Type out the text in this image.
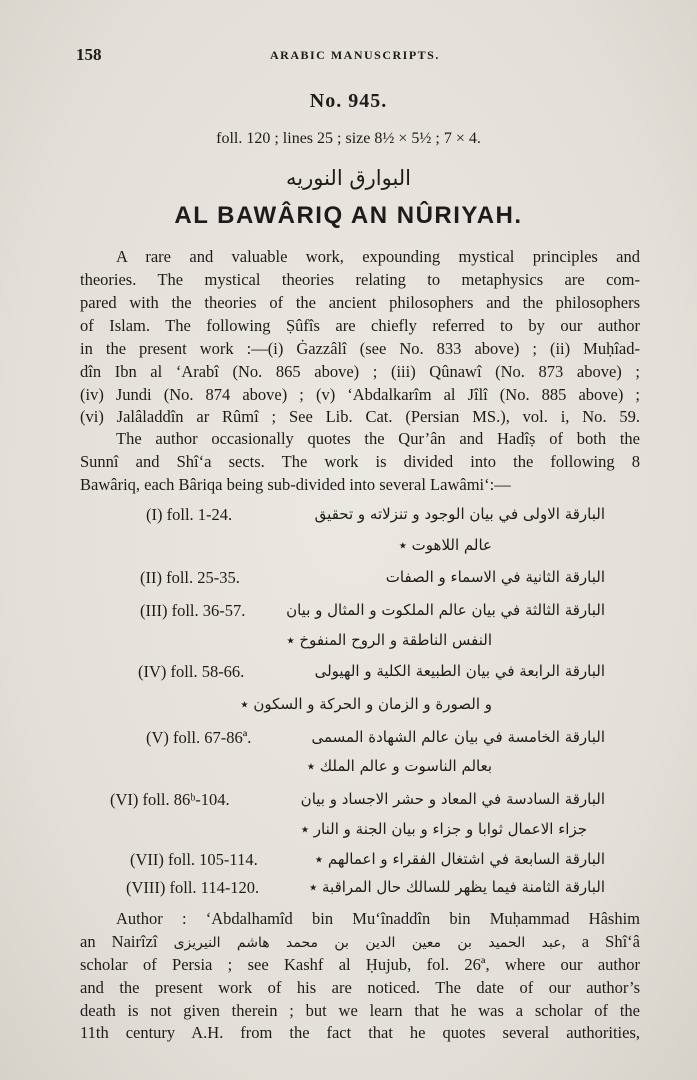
158	ARABIC MANUSCRIPTS.
No. 945.
foll. 120 ; lines 25 ; size 8½ × 5½ ; 7 × 4.
البوارق النوريه
AL BAWÂRIQ AN NÛRIYAH.
A rare and valuable work, expounding mystical principles and
theories. The mystical theories relating to metaphysics are com-
pared with the theories of the ancient philosophers and the philosophers
of Islam. The following Ṣûfîs are chiefly referred to by our author
in the present work :—(i) Ġazzâlî (see No. 833 above) ; (ii) Muḥîad-
dîn Ibn al ‘Arabî (No. 865 above) ; (iii) Qûnawî (No. 873 above) ;
(iv) Jundi (No. 874 above) ; (v) ‘Abdalkarîm al Jîlî (No. 885 above) ;
(vi) Jalâladdîn ar Rûmî ; See Lib. Cat. (Persian MS.), vol. i, No. 59.
The author occasionally quotes the Qur’ân and Hadîṣ of both the
Sunnî and Shî‘a sects. The work is divided into the following 8
Bawâriq, each Bâriqa being sub-divided into several Lawâmi‘:—
(I) foll. 1-24.	البارقة الاولى في بيان الوجود و تنزلاته و تحقيق
عالم اللاهوت ٭
(II) foll. 25-35.	البارقة الثانية في الاسماء و الصفات
(III) foll. 36-57.	البارقة الثالثة في بيان عالم الملكوت و المثال و بيان
النفس الناطقة و الروح المنفوخ ٭
(IV) foll. 58-66.	البارقة الرابعة في بيان الطبيعة الكلية و الهيولى
و الصورة و الزمان و الحركة و السكون ٭
(V) foll. 67-86ª.	البارقة الخامسة في بيان عالم الشهادة المسمى
بعالم الناسوت و عالم الملك ٭
(VI) foll. 86ᵇ-104.	البارقة السادسة في المعاد و حشر الاجساد و بيان
جزاء الاعمال ثوابا و جزاء و بيان الجنة و النار ٭
(VII) foll. 105-114.	البارقة السابعة في اشتغال الفقراء و اعمالهم ٭
(VIII) foll. 114-120.	البارقة الثامنة فيما يظهر للسالك حال المراقبة ٭
Author : ‘Abdalhamîd bin Mu‘înaddîn bin Muḥammad Hâshim
an Nairîzî عبد الحميد بن معين الدين بن محمد هاشم النيريزى, a Shî‘â
scholar of Persia ; see Kashf al Ḥujub, fol. 26ª, where our author
and the present work of his are noticed. The date of our author’s
death is not given therein ; but we learn that he was a scholar of the
11th century A.H. from the fact that he quotes several authorities,
